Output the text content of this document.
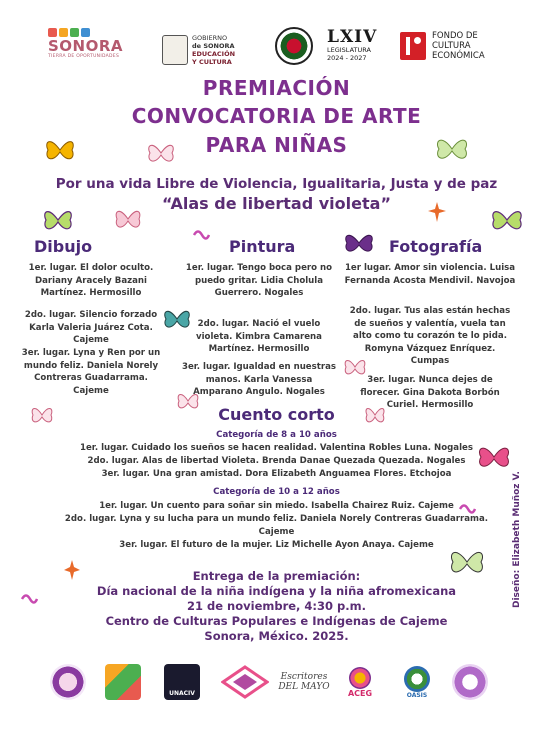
SONORA
TIERRA DE OPORTUNIDADES
GOBIERNO
de SONORA
EDUCACIÓN
Y CULTURA
LXIV
LEGISLATURA
2024 - 2027
FONDO DE
CULTURA
ECONÓMICA
PREMIACIÓN
CONVOCATORIA DE ARTE
PARA NIÑAS
Por una vida Libre de Violencia, Igualitaria, Justa y de paz
“Alas de libertad violeta”
Dibujo
1er. lugar. El dolor oculto. Dariany Aracely Bazani Martínez. Hermosillo
2do. lugar. Silencio forzado Karla Valeria Juárez Cota. Cajeme
3er. lugar. Lyna y Ren por un mundo feliz. Daniela Norely Contreras Guadarrama. Cajeme
Pintura
1er. lugar. Tengo boca pero no puedo gritar. Lidia Cholula Guerrero. Nogales
2do. lugar. Nació el vuelo violeta. Kimbra Camarena Martínez. Hermosillo
3er. lugar. Igualdad en nuestras manos. Karla Vanessa Amparano Angulo. Nogales
Fotografía
1er lugar. Amor sin violencia. Luisa Fernanda Acosta Mendivil. Navojoa
2do. lugar. Tus alas están hechas de sueños y valentía, vuela tan alto como tu corazón te lo pida. Romyna Vázquez Enríquez. Cumpas
3er. lugar. Nunca dejes de florecer. Gina Dakota Borbón Curiel. Hermosillo
Cuento corto
Categoría de 8 a 10 años
1er. lugar. Cuidado los sueños se hacen realidad. Valentina Robles Luna. Nogales
2do. lugar. Alas de libertad Violeta. Brenda Danae Quezada Quezada. Nogales
3er. lugar. Una gran amistad. Dora Elizabeth Anguamea Flores. Etchojoa
Categoría de 10 a 12 años
1er. lugar. Un cuento para soñar sin miedo. Isabella Chairez Ruiz. Cajeme
2do. lugar. Lyna y su lucha para un mundo feliz. Daniela Norely Contreras Guadarrama.
Cajeme
3er. lugar. El futuro de la mujer. Liz Michelle Ayon Anaya. Cajeme
Entrega de la premiación:
Día nacional de la niña indígena y la niña afromexicana
21 de noviembre, 4:30 p.m.
Centro de Culturas Populares e Indígenas de Cajeme
Sonora, México. 2025.
Diseño: Elizabeth Muñoz V.
UNACIV
Escritores DEL MAYO
ACEG	OASIS
